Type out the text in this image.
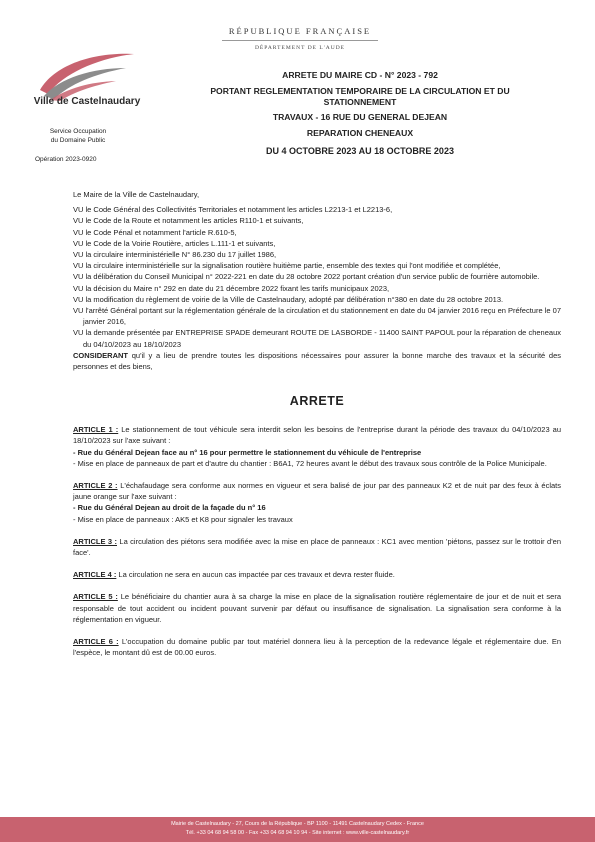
RÉPUBLIQUE FRANÇAISE
DÉPARTEMENT DE L'AUDE
Ville de Castelnaudary
Service Occupation
du Domaine Public
Opération 2023-0920
ARRETE DU MAIRE CD - N° 2023 - 792
PORTANT REGLEMENTATION TEMPORAIRE DE LA CIRCULATION ET DU
STATIONNEMENT
TRAVAUX - 16 RUE DU GENERAL DEJEAN
REPARATION CHENEAUX
DU 4 OCTOBRE 2023 AU 18 OCTOBRE 2023

Le Maire de la Ville de Castelnaudary,

VU le Code Général des Collectivités Territoriales et notamment les articles L2213-1 et L2213-6,

VU le Code de la Route et notamment les articles R110-1 et suivants,

VU le Code Pénal et notamment l'article R.610-5,

VU le Code de la Voirie Routière, articles L.111-1 et suivants,

VU la circulaire interministérielle N° 86.230 du 17 juillet 1986,

VU la circulaire interministérielle sur la signalisation routière huitième partie, ensemble des textes qui l'ont modifiée et complétée,

VU la délibération du Conseil Municipal n° 2022-221 en date du 28 octobre 2022 portant création d'un service public de fourrière automobile.

VU la décision du Maire n° 292 en date du 21 décembre 2022 fixant les tarifs municipaux 2023,

VU la modification du règlement de voirie de la Ville de Castelnaudary, adopté par délibération n°380 en date du 28 octobre 2013.

VU l'arrêté Général portant sur la réglementation générale de la circulation et du stationnement en date du 04 janvier 2016 reçu en Préfecture le 07 janvier 2016,

VU la demande présentée par ENTREPRISE SPADE demeurant ROUTE DE LASBORDE - 11400 SAINT PAPOUL pour la réparation de cheneaux du 04/10/2023 au 18/10/2023

CONSIDERANT qu'il y a lieu de prendre toutes les dispositions nécessaires pour assurer la bonne marche des travaux et la sécurité des personnes et des biens,

ARRETE

ARTICLE 1 : Le stationnement de tout véhicule sera interdit selon les besoins de l'entreprise durant la période des travaux du 04/10/2023 au 18/10/2023 sur l'axe suivant :

- Rue du Général Dejean face au n° 16 pour permettre le stationnement du véhicule de l'entreprise

- Mise en place de panneaux de part et d'autre du chantier : B6A1, 72 heures avant le début des travaux sous contrôle de la Police Municipale.

ARTICLE 2 : L'échafaudage sera conforme aux normes en vigueur et sera balisé de jour par des panneaux K2 et de nuit par des feux à éclats jaune orange sur l'axe suivant :

- Rue du Général Dejean au droit de la façade du n° 16

- Mise en place de panneaux : AK5 et K8 pour signaler les travaux

ARTICLE 3 : La circulation des piétons sera modifiée avec la mise en place de panneaux : KC1 avec mention 'piétons, passez sur le trottoir d'en face'.

ARTICLE 4 : La circulation ne sera en aucun cas impactée par ces travaux et devra rester fluide.

ARTICLE 5 : Le bénéficiaire du chantier aura à sa charge la mise en place de la signalisation routière réglementaire de jour et de nuit et sera responsable de tout accident ou incident pouvant survenir par défaut ou insuffisance de signalisation. La signalisation sera conforme à la réglementation en vigueur.

ARTICLE 6 : L'occupation du domaine public par tout matériel donnera lieu à la perception de la redevance légale et réglementaire due. En l'espèce, le montant dû est de 00.00 euros.

Mairie de Castelnaudary - 27, Cours de la République - BP 1100 - 11491 Castelnaudary Cedex - France
Tél. +33 04 68 94 58 00 - Fax +33 04 68 94 10 94 - Site internet : www.ville-castelnaudary.fr
